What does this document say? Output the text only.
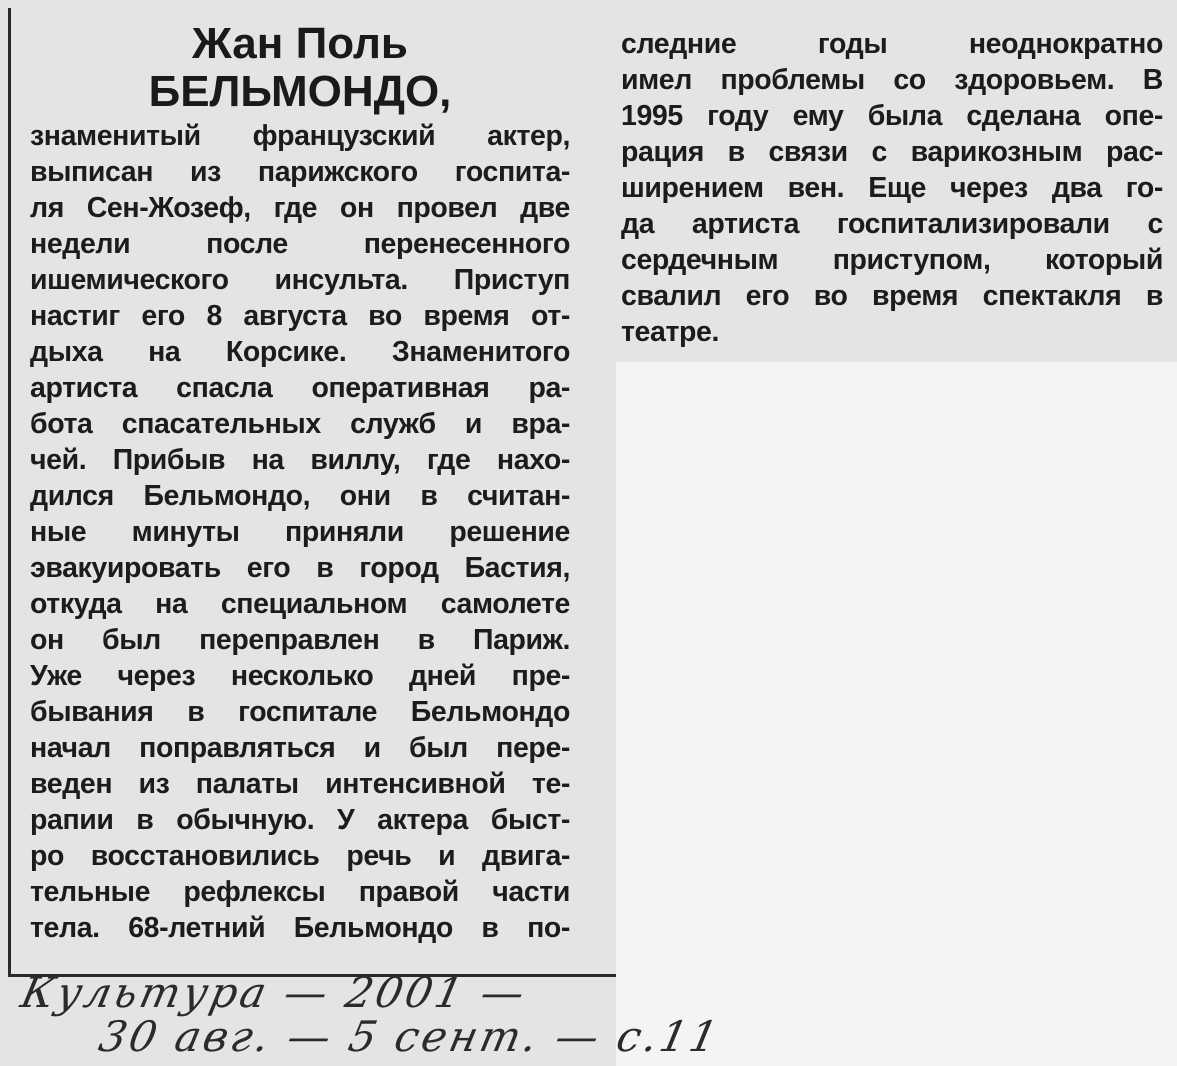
Жан Поль
БЕЛЬМОНДО,
знаменитый французский актер,
выписан из парижского госпита-
ля Сен-Жозеф, где он провел две
недели после перенесенного
ишемического инсульта. Приступ
настиг его 8 августа во время от-
дыха на Корсике. Знаменитого
артиста спасла оперативная ра-
бота спасательных служб и вра-
чей. Прибыв на виллу, где нахо-
дился Бельмондо, они в считан-
ные минуты приняли решение
эвакуировать его в город Бастия,
откуда на специальном самолете
он был переправлен в Париж.
Уже через несколько дней пре-
бывания в госпитале Бельмондо
начал поправляться и был пере-
веден из палаты интенсивной те-
рапии в обычную. У актера быст-
ро восстановились речь и двига-
тельные рефлексы правой части
тела. 68-летний Бельмондо в по-
следние годы неоднократно
имел проблемы со здоровьем. В
1995 году ему была сделана опе-
рация в связи с варикозным рас-
ширением вен. Еще через два го-
да артиста госпитализировали с
сердечным приступом, который
свалил его во время спектакля в
театре.
Культура — 2001 —
30 авг. — 5 сент. — с.11
